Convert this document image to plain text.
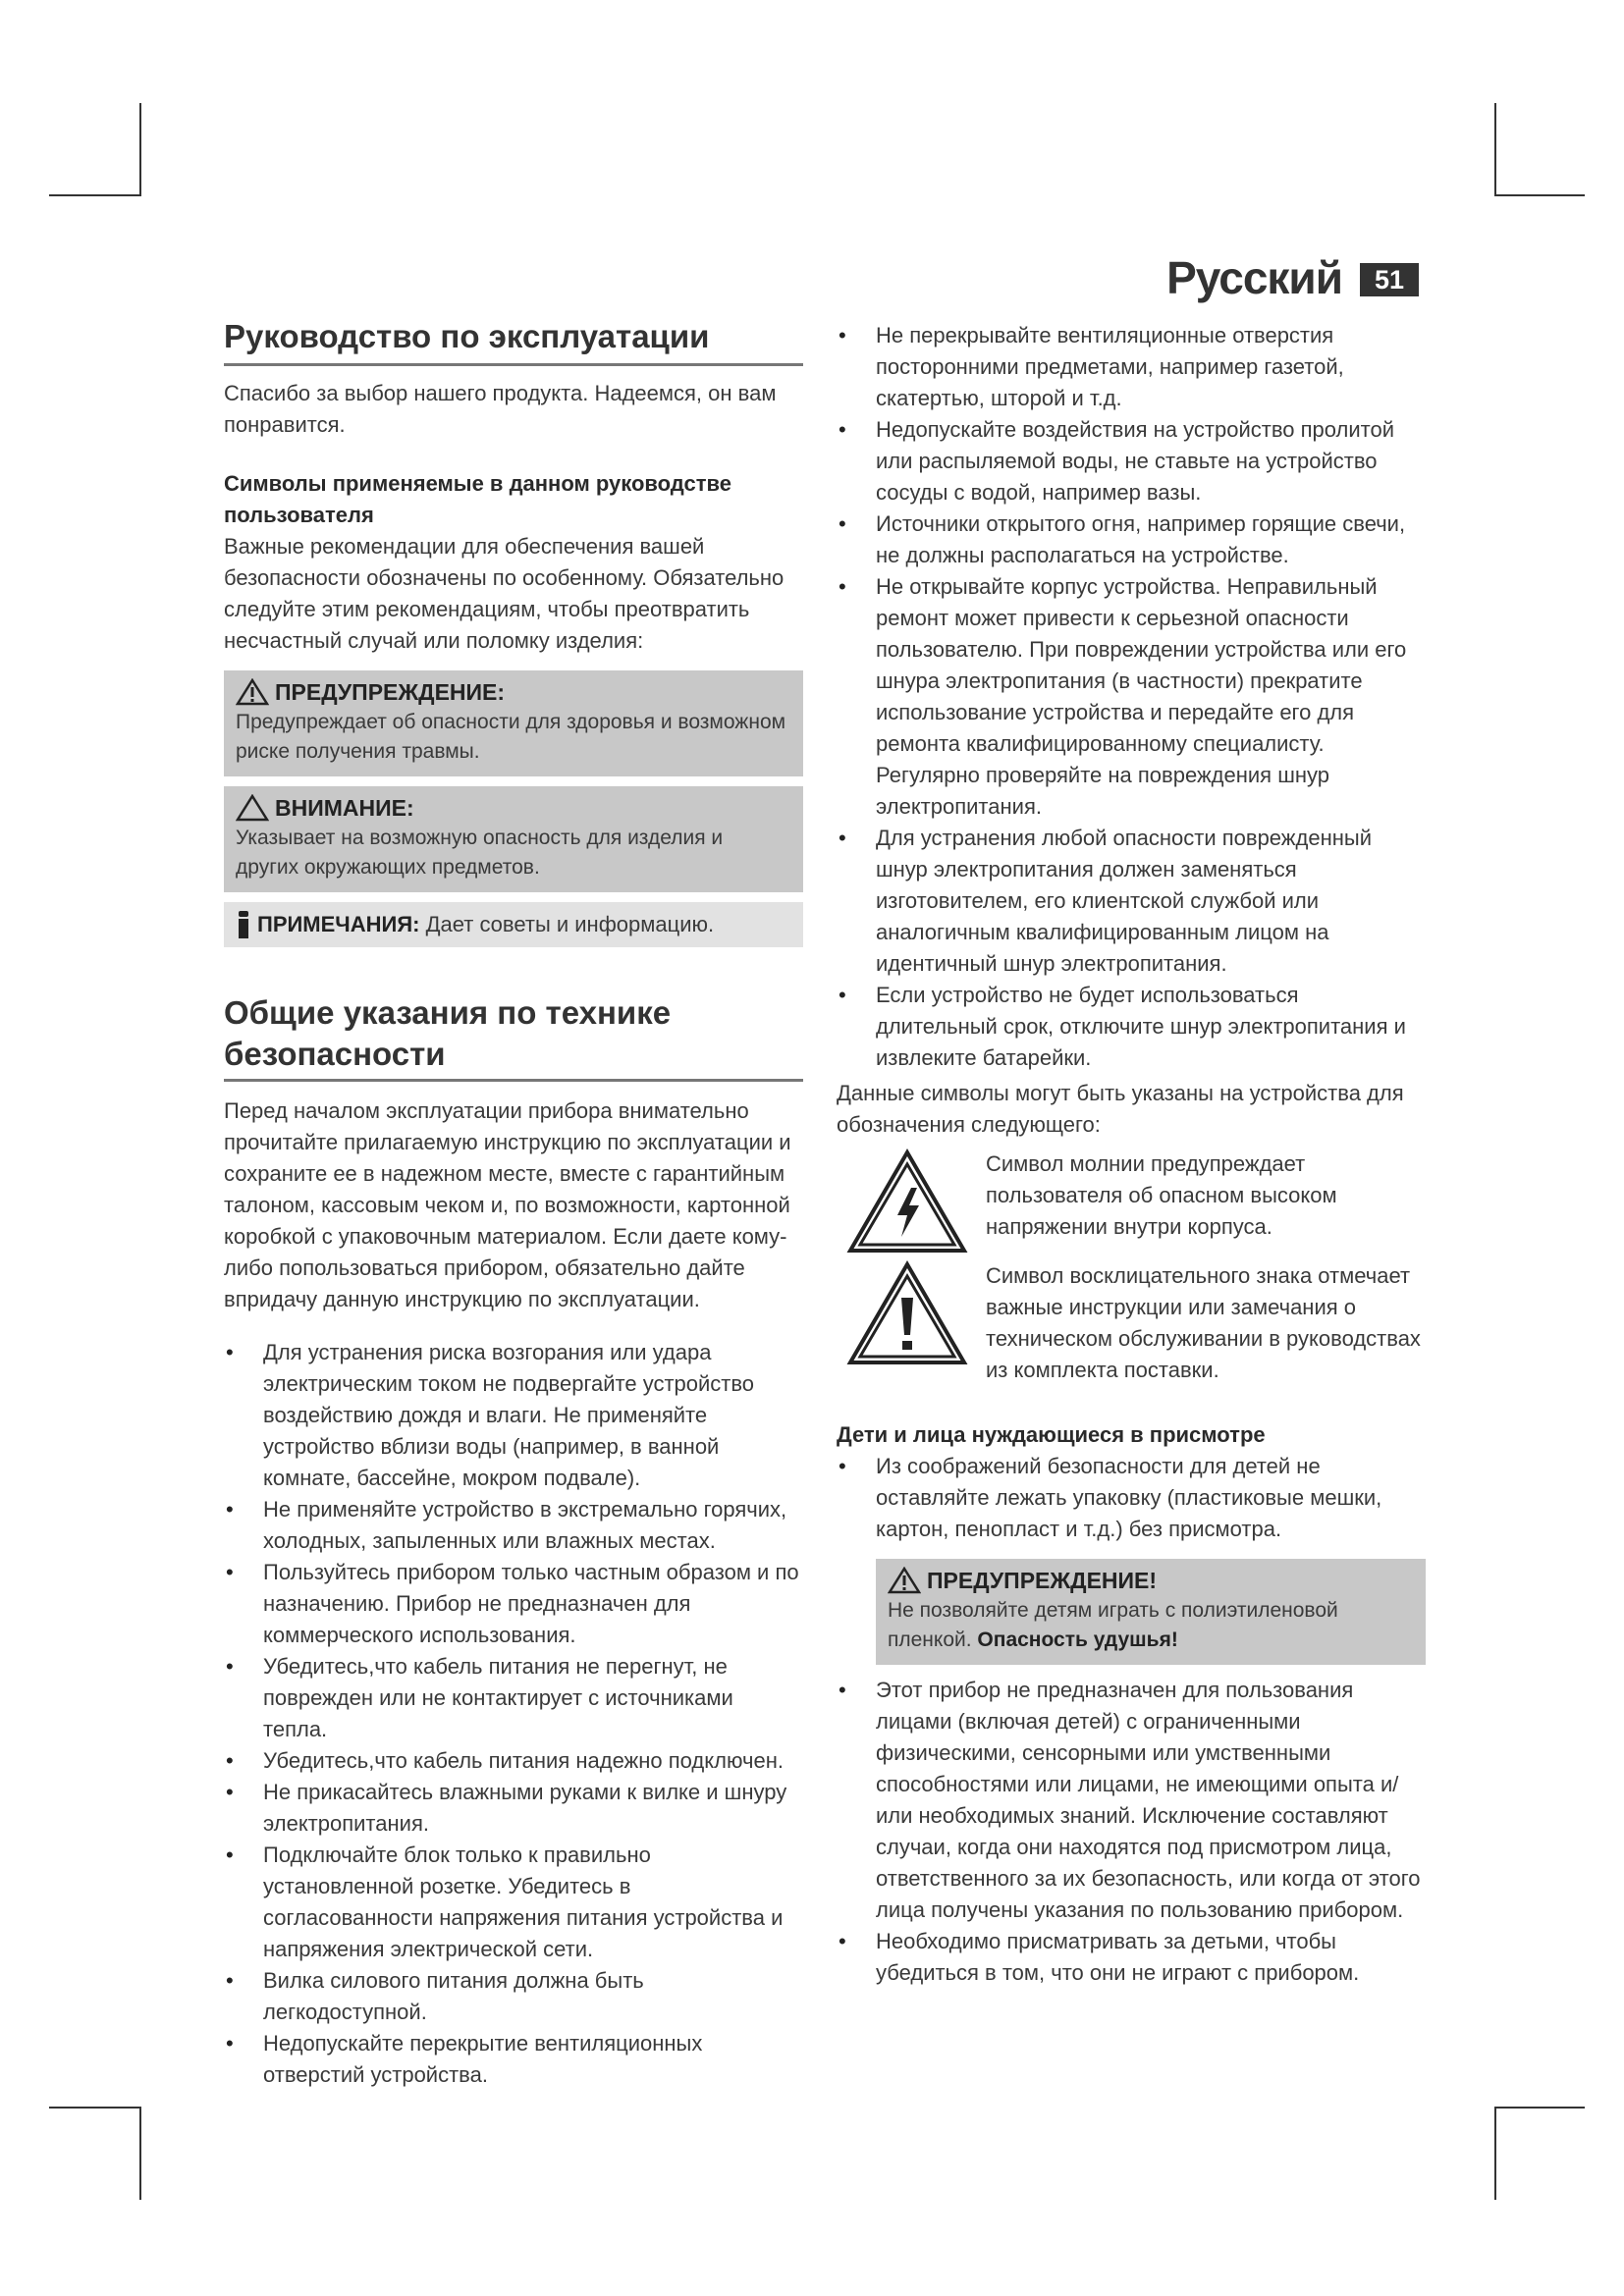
Русский	51
Руководство по эксплуатации

Спасибо за выбор нашего продукта. Надеемся, он вам понравится.

Символы применяемые в данном руководстве пользователя

Важные рекомендации для обеспечения вашей безопасности обозначены по особенному. Обязательно следуйте этим рекомендациям, чтобы преотвратить несчастный случай или поломку изделия:

ПРЕДУПРЕЖДЕНИЕ:

Предупреждает об опасности для здоровья и возможном риске получения травмы.

ВНИМАНИЕ:

Указывает на возможную опасность для изделия и других окружающих предметов.

ПРИМЕЧАНИЯ:
Дает советы и информацию.
Общие указания по технике безопасности

Перед началом эксплуатации прибора внимательно прочитайте прилагаемую инструкцию по эксплуатации и сохраните ее в надежном месте, вместе с гарантийным талоном, кассовым чеком и, по возможности, картонной коробкой с упаковочным материалом. Если даете кому-либо попользоваться прибором, обязательно дайте впридачу данную инструкцию по эксплуатации.

• Для устранения риска возгорания или удара электрическим током не подвергайте устройство воздействию дождя и влаги. Не применяйте устройство вблизи воды (например, в ванной комнате, бассейне, мокром подвале).
• Не применяйте устройство в экстремально горячих, холодных, запыленных или влажных местах.
• Пользуйтесь прибором только частным образом и по назначению. Прибор не предназначен для коммерческого использования.
• Убедитесь,что кабель питания не перегнут, не поврежден или не контактирует с источниками тепла.
• Убедитесь,что кабель питания надежно подключен.
• Не прикасайтесь влажными руками к вилке и шнуру электропитания.
• Подключайте блок только к правильно установленной розетке. Убедитесь в согласованности напряжения питания устройства и напряжения электрической сети.
• Вилка силового питания должна быть легкодоступной.
• Недопускайте перекрытие вентиляционных отверстий устройства.
• Не перекрывайте вентиляционные отверстия посторонними предметами, например газетой, скатертью, шторой и т.д.
• Недопускайте воздействия на устройство пролитой или распыляемой воды, не ставьте на устройство сосуды с водой, например вазы.
• Источники открытого огня, например горящие свечи, не должны располагаться на устройстве.
• Не открывайте корпус устройства. Неправильный ремонт может привести к серьезной опасности пользователю. При повреждении устройства или его шнура электропитания (в частности) прекратите использование устройства и передайте его для ремонта квалифицированному специалисту. Регулярно проверяйте на повреждения шнур электропитания.
• Для устранения любой опасности поврежденный шнур электропитания должен заменяться изготовителем, его клиентской службой или аналогичным квалифицированным лицом на идентичный шнур электропитания.
• Если устройство не будет использоваться длительный срок, отключите шнур электропитания и извлеките батарейки.

Данные символы могут быть указаны на устройства для обозначения следующего:

Символ молнии предупреждает пользователя об опасном высоком напряжении внутри корпуса.

Символ восклицательного знака отмечает важные инструкции или замечания о техническом обслуживании в руководствах из комплекта поставки.

Дети и лица нуждающиеся в присмотре
• Из соображений безопасности для детей не оставляйте лежать упаковку (пластиковые мешки, картон, пенопласт и т.д.) без присмотра.
ПРЕДУПРЕЖДЕНИЕ!

Не позволяйте детям играть с полиэтиленовой пленкой. Опасность удушья!

• Этот прибор не предназначен для пользования лицами (включая детей) с ограниченными физическими, сенсорными или умственными способностями или лицами, не имеющими опыта и/или необходимых знаний. Исключение составляют случаи, когда они находятся под присмотром лица, ответственного за их безопасность, или когда от этого лица получены указания по пользованию прибором.
• Необходимо присматривать за детьми, чтобы убедиться в том, что они не играют с прибором.
